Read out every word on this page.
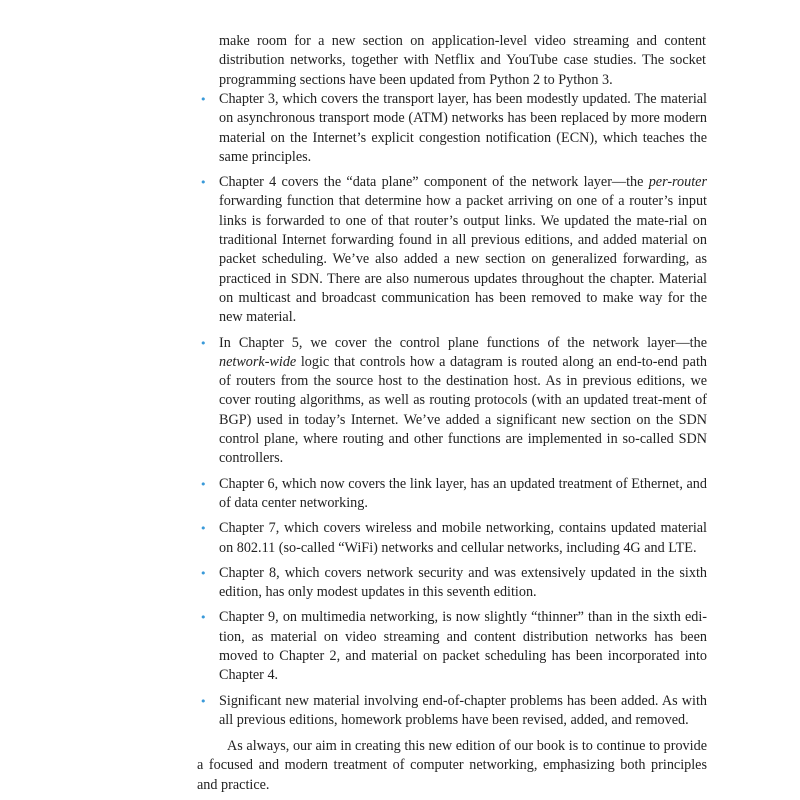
make room for a new section on application-level video streaming and content distribution networks, together with Netflix and YouTube case studies. The socket programming sections have been updated from Python 2 to Python 3.

• Chapter 3, which covers the transport layer, has been modestly updated. The material on asynchronous transport mode (ATM) networks has been replaced by more modern material on the Internet’s explicit congestion notification (ECN), which teaches the same principles.
• Chapter 4 covers the “data plane” component of the network layer—the per-router forwarding function that determine how a packet arriving on one of a router’s input links is forwarded to one of that router’s output links. We updated the mate-rial on traditional Internet forwarding found in all previous editions, and added material on packet scheduling. We’ve also added a new section on generalized forwarding, as practiced in SDN. There are also numerous updates throughout the chapter. Material on multicast and broadcast communication has been removed to make way for the new material.
• In Chapter 5, we cover the control plane functions of the network layer—the network-wide logic that controls how a datagram is routed along an end-to-end path of routers from the source host to the destination host. As in previous editions, we cover routing algorithms, as well as routing protocols (with an updated treat-ment of BGP) used in today’s Internet. We’ve added a significant new section on the SDN control plane, where routing and other functions are implemented in so-called SDN controllers.
• Chapter 6, which now covers the link layer, has an updated treatment of Ethernet, and of data center networking.
• Chapter 7, which covers wireless and mobile networking, contains updated material on 802.11 (so-called “WiFi) networks and cellular networks, including 4G and LTE.
• Chapter 8, which covers network security and was extensively updated in the sixth edition, has only modest updates in this seventh edition.
• Chapter 9, on multimedia networking, is now slightly “thinner” than in the sixth edi-tion, as material on video streaming and content distribution networks has been moved to Chapter 2, and material on packet scheduling has been incorporated into Chapter 4.
• Significant new material involving end-of-chapter problems has been added. As with all previous editions, homework problems have been revised, added, and removed.

As always, our aim in creating this new edition of our book is to continue to provide a focused and modern treatment of computer networking, emphasizing both principles and practice.
